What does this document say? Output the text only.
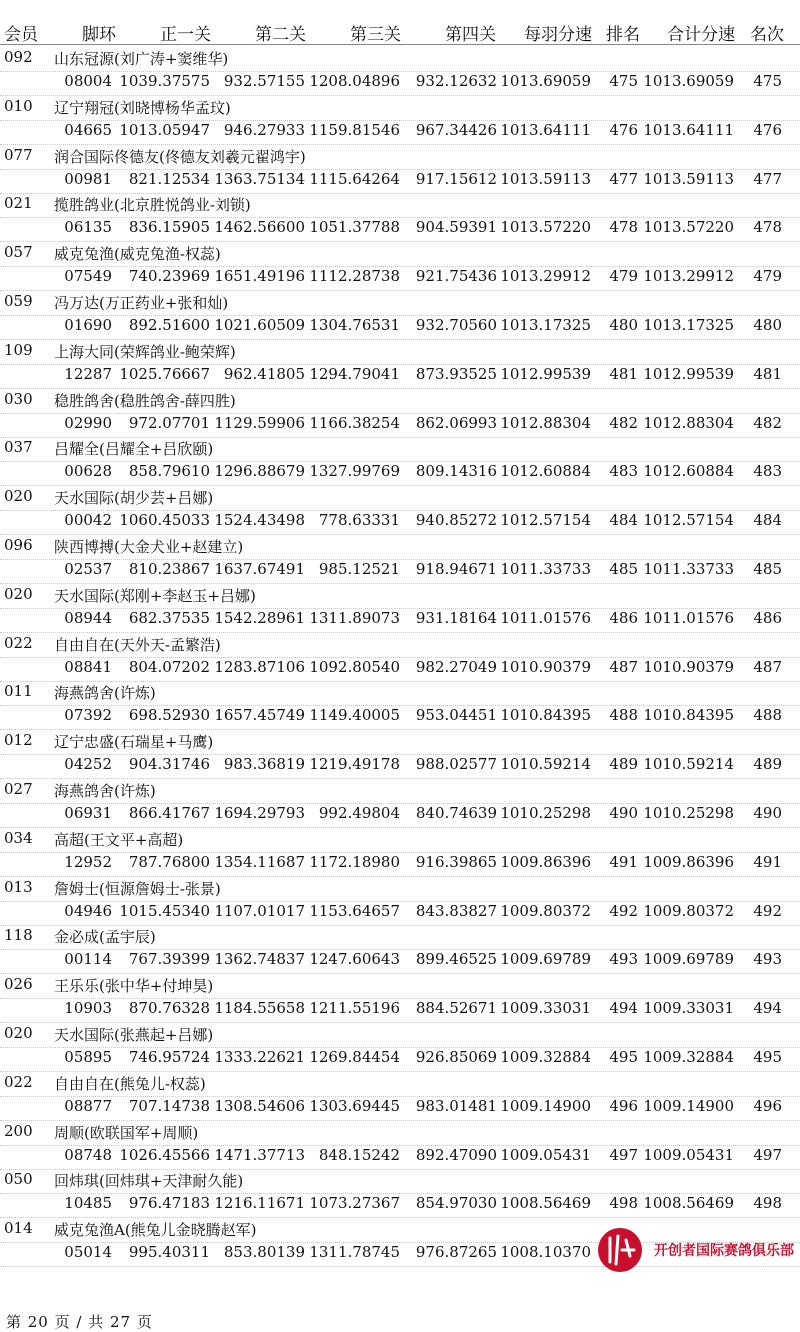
会员	脚环	正一关	第二关	第三关	第四关 每羽分速 排名 合计分速 名次
092 山东冠源(刘广涛+窦维华)
08004 1039.37575 932.57155 1208.04896 932.12632 1013.69059 475 1013.69059 475
010 辽宁翔冠(刘晓博杨华孟玟)
04665 1013.05947 946.27933 1159.81546 967.34426 1013.64111 476 1013.64111 476
077 润合国际佟德友(佟德友刘羲元翟鸿宇)
00981 821.12534 1363.75134 1115.64264 917.15612 1013.59113 477 1013.59113 477
021 揽胜鸽业(北京胜悦鸽业-刘锁)
06135 836.15905 1462.56600 1051.37788 904.59391 1013.57220 478 1013.57220 478
057 威克兔渔(威克兔渔-权蕊)
07549 740.23969 1651.49196 1112.28738 921.75436 1013.29912 479 1013.29912 479
059 冯万达(万正药业+张和灿)
01690 892.51600 1021.60509 1304.76531 932.70560 1013.17325 480 1013.17325 480
109 上海大同(荣辉鸽业-鲍荣辉)
12287 1025.76667 962.41805 1294.79041 873.93525 1012.99539 481 1012.99539 481
030 稳胜鸽舍(稳胜鸽舍-薛四胜)
02990 972.07701 1129.59906 1166.38254 862.06993 1012.88304 482 1012.88304 482
037 吕耀全(吕耀全+吕欣颐)
00628 858.79610 1296.88679 1327.99769 809.14316 1012.60884 483 1012.60884 483
020 天水国际(胡少芸+吕娜)
00042 1060.45033 1524.43498 778.63331 940.85272 1012.57154 484 1012.57154 484
096 陕西博搏(大金犬业+赵建立)
02537 810.23867 1637.67491 985.12521 918.94671 1011.33733 485 1011.33733 485
020 天水国际(郑刚+李赵玉+吕娜)
08944 682.37535 1542.28961 1311.89073 931.18164 1011.01576 486 1011.01576 486
022 自由自在(天外天-孟繁浩)
08841 804.07202 1283.87106 1092.80540 982.27049 1010.90379 487 1010.90379 487
011 海燕鸽舍(许炼)
07392 698.52930 1657.45749 1149.40005 953.04451 1010.84395 488 1010.84395 488
012 辽宁忠盛(石瑞星+马鹰)
04252 904.31746 983.36819 1219.49178 988.02577 1010.59214 489 1010.59214 489
027 海燕鸽舍(许炼)
06931 866.41767 1694.29793 992.49804 840.74639 1010.25298 490 1010.25298 490
034 高超(王文平+高超)
12952 787.76800 1354.11687 1172.18980 916.39865 1009.86396 491 1009.86396 491
013 詹姆士(恒源詹姆士-张景)
04946 1015.45340 1107.01017 1153.64657 843.83827 1009.80372 492 1009.80372 492
118 金必成(孟宇辰)
00114 767.39399 1362.74837 1247.60643 899.46525 1009.69789 493 1009.69789 493
026 王乐乐(张中华+付坤昊)
10903 870.76328 1184.55658 1211.55196 884.52671 1009.33031 494 1009.33031 494
020 天水国际(张燕起+吕娜)
05895 746.95724 1333.22621 1269.84454 926.85069 1009.32884 495 1009.32884 495
022 自由自在(熊兔儿-权蕊)
08877 707.14738 1308.54606 1303.69445 983.01481 1009.14900 496 1009.14900 496
200 周顺(欧联国军+周顺)
08748 1026.45566 1471.37713 848.15242 892.47090 1009.05431 497 1009.05431 497
050 回炜琪(回炜琪+天津耐久能)
10485 976.47183 1216.11671 1073.27367 854.97030 1008.56469 498 1008.56469 498
014 威克兔渔A(熊兔儿金晓腾赵军)
05014 995.40311 853.80139 1311.78745 976.87265 1008.10370	开创者国际赛鸽俱乐部
第 20 页 / 共 27 页
